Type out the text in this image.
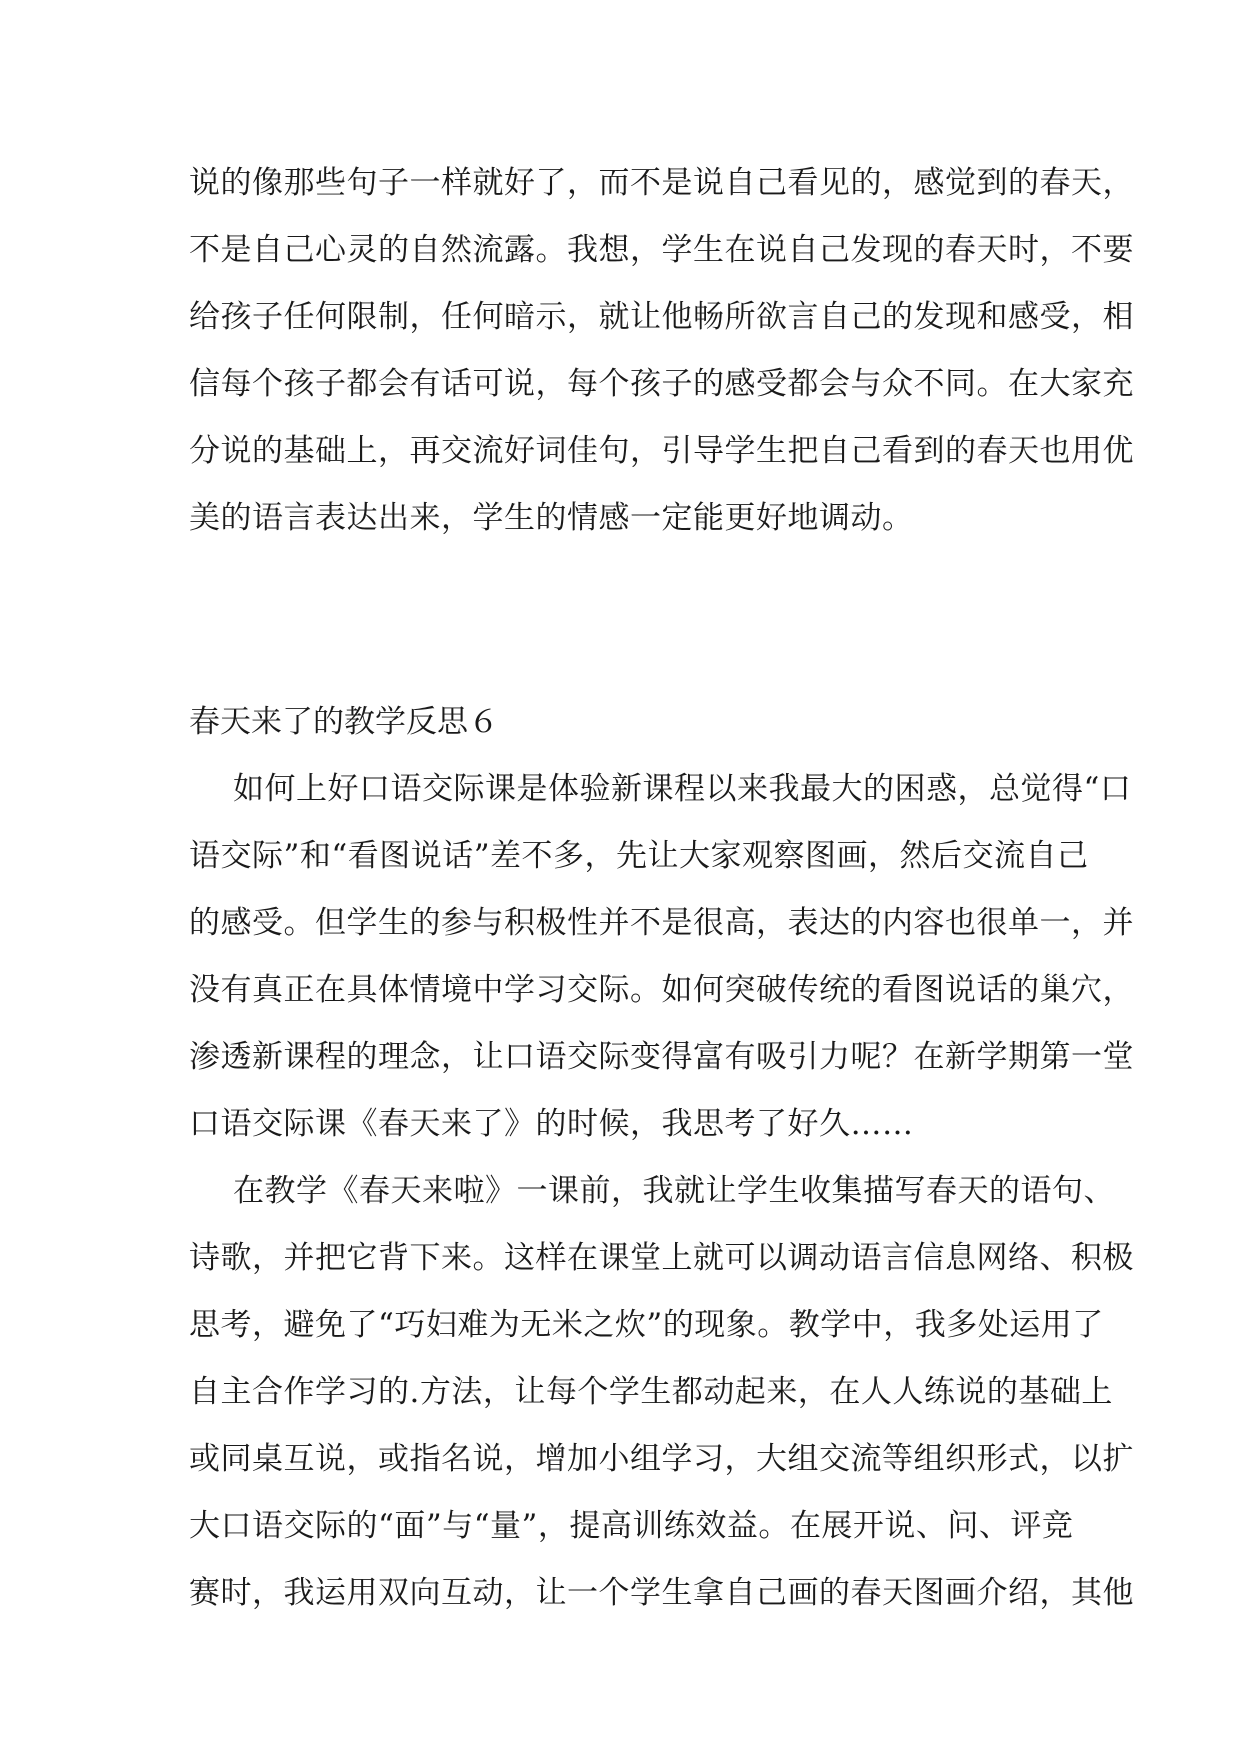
说的像那些句子一样就好了，而不是说自己看见的，感觉到的春天，
不是自己心灵的自然流露。我想，学生在说自己发现的春天时，不要
给孩子任何限制，任何暗示，就让他畅所欲言自己的发现和感受，相
信每个孩子都会有话可说，每个孩子的感受都会与众不同。在大家充
分说的基础上，再交流好词佳句，引导学生把自己看到的春天也用优
美的语言表达出来，学生的情感一定能更好地调动。
春天来了的教学反思６
如何上好口语交际课是体验新课程以来我最大的困惑，总觉得“口
语交际”和“看图说话”差不多，先让大家观察图画，然后交流自己
的感受。但学生的参与积极性并不是很高，表达的内容也很单一，并
没有真正在具体情境中学习交际。如何突破传统的看图说话的巢穴，
渗透新课程的理念，让口语交际变得富有吸引力呢？在新学期第一堂
口语交际课《春天来了》的时候，我思考了好久……
在教学《春天来啦》一课前，我就让学生收集描写春天的语句、
诗歌，并把它背下来。这样在课堂上就可以调动语言信息网络、积极
思考，避免了“巧妇难为无米之炊”的现象。教学中，我多处运用了
自主合作学习的.方法，让每个学生都动起来，在人人练说的基础上
或同桌互说，或指名说，增加小组学习，大组交流等组织形式，以扩
大口语交际的“面”与“量”，提高训练效益。在展开说、问、评竞
赛时，我运用双向互动，让一个学生拿自己画的春天图画介绍，其他
